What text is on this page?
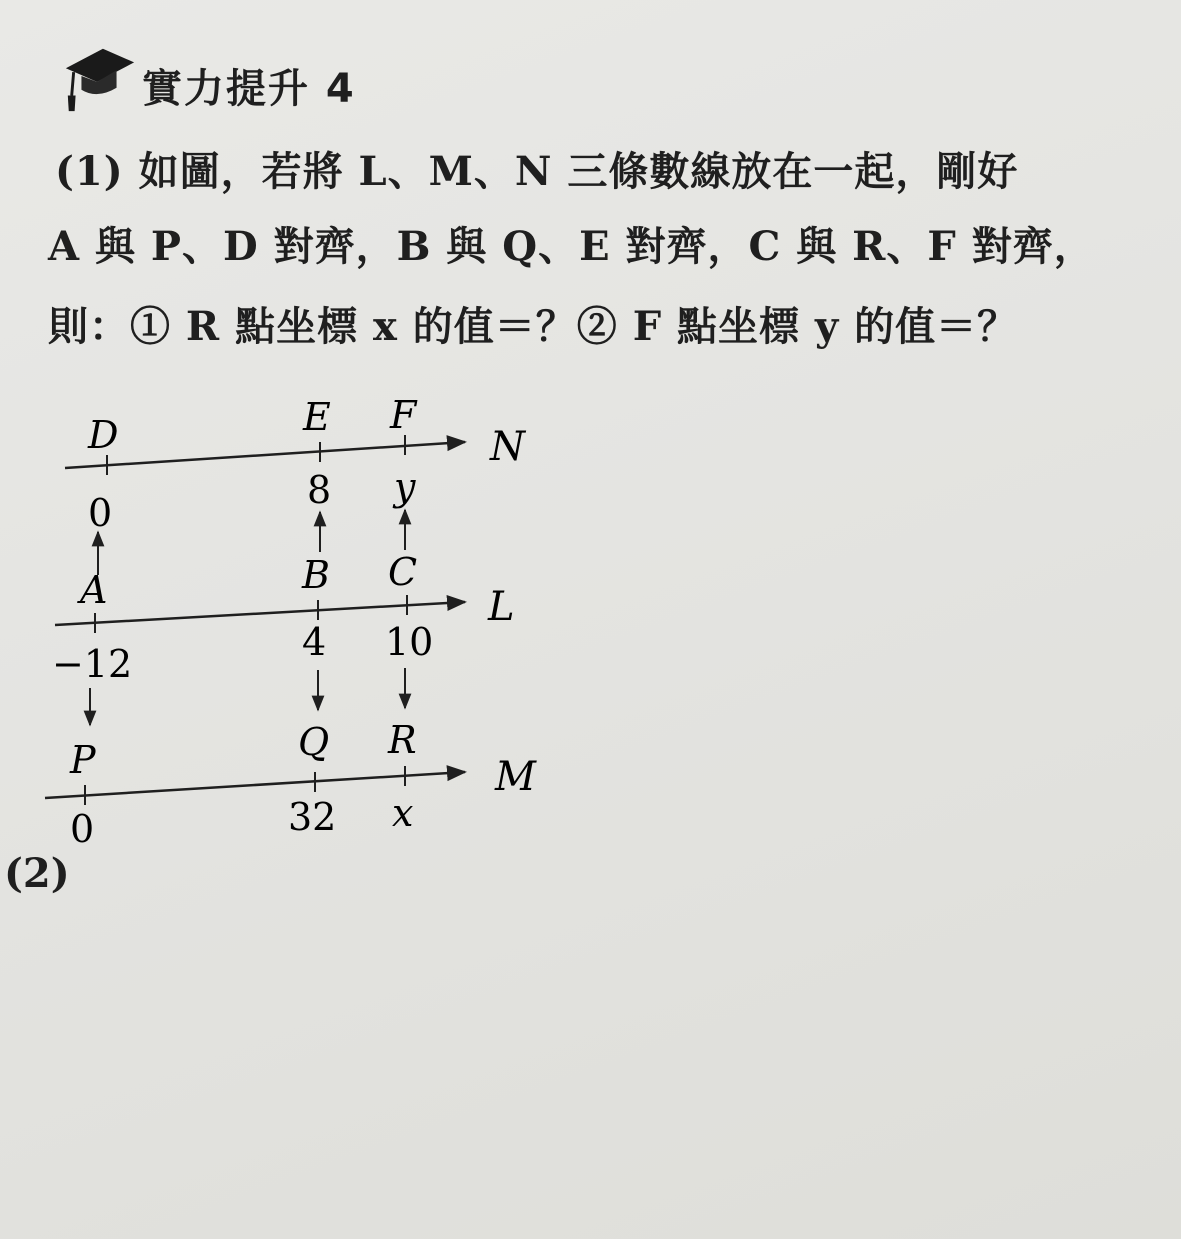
實力提升 4
(1) 如圖，若將 L、M、N 三條數線放在一起，剛好
A 與 P、D 對齊，B 與 Q、E 對齊，C 與 R、F 對齊，
則：① R 點坐標 x 的值＝？② F 點坐標 y 的值＝？
N
D	E F
0
8 y
L
A	B C
−12	4 10
M
P	Q R
0	32 x
(2)
